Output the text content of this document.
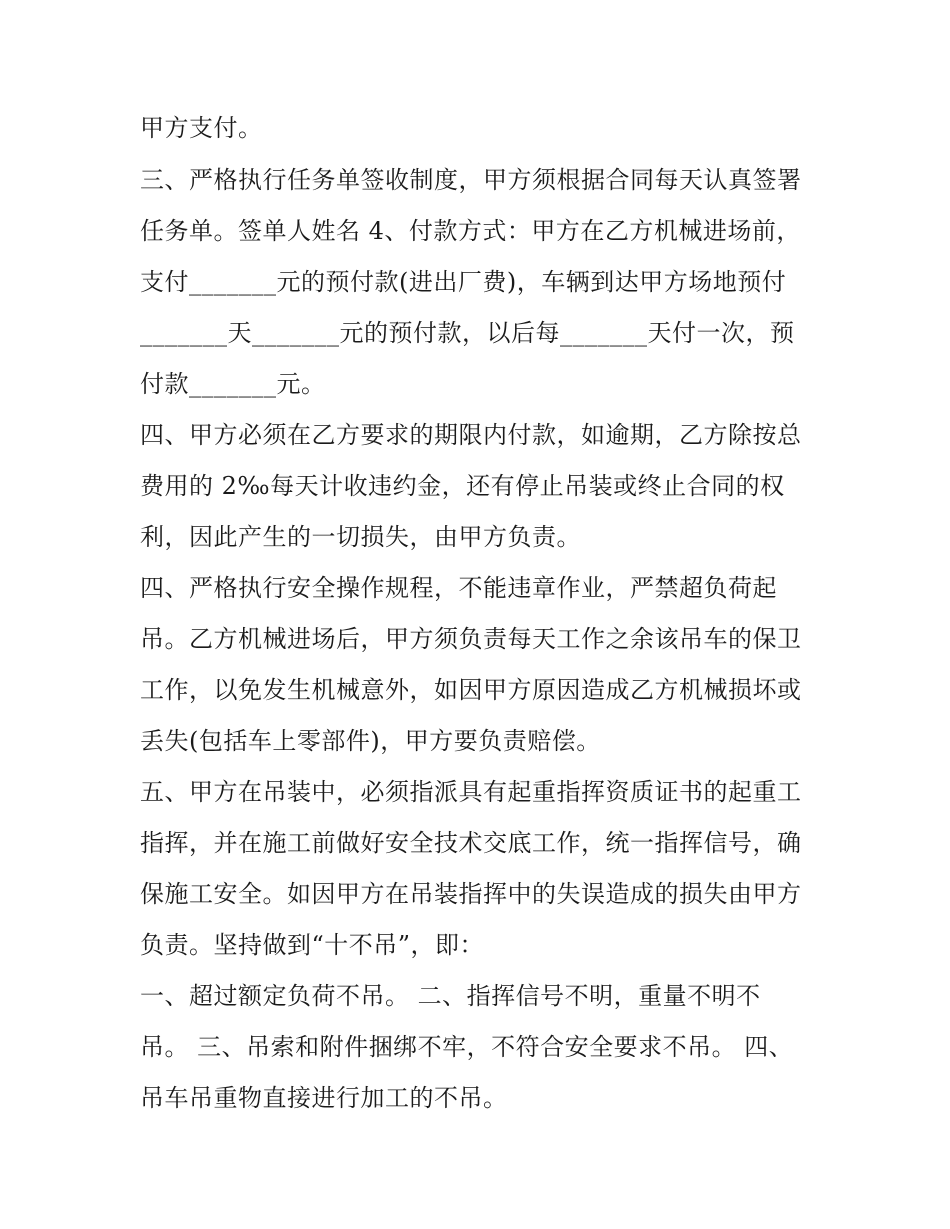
甲方支付。
三、严格执行任务单签收制度，甲方须根据合同每天认真签署
任务单。签单人姓名 4、付款方式：甲方在乙方机械进场前，
支付_______元的预付款(进出厂费)，车辆到达甲方场地预付
_______天_______元的预付款，以后每_______天付一次，预
付款_______元。
四、甲方必须在乙方要求的期限内付款，如逾期，乙方除按总
费用的 2‰每天计收违约金，还有停止吊装或终止合同的权
利，因此产生的一切损失，由甲方负责。
四、严格执行安全操作规程，不能违章作业，严禁超负荷起
吊。乙方机械进场后，甲方须负责每天工作之余该吊车的保卫
工作，以免发生机械意外，如因甲方原因造成乙方机械损坏或
丢失(包括车上零部件)，甲方要负责赔偿。
五、甲方在吊装中，必须指派具有起重指挥资质证书的起重工
指挥，并在施工前做好安全技术交底工作，统一指挥信号，确
保施工安全。如因甲方在吊装指挥中的失误造成的损失由甲方
负责。坚持做到“十不吊”，即：
一、超过额定负荷不吊。 二、指挥信号不明，重量不明不
吊。 三、吊索和附件捆绑不牢，不符合安全要求不吊。 四、
吊车吊重物直接进行加工的不吊。
